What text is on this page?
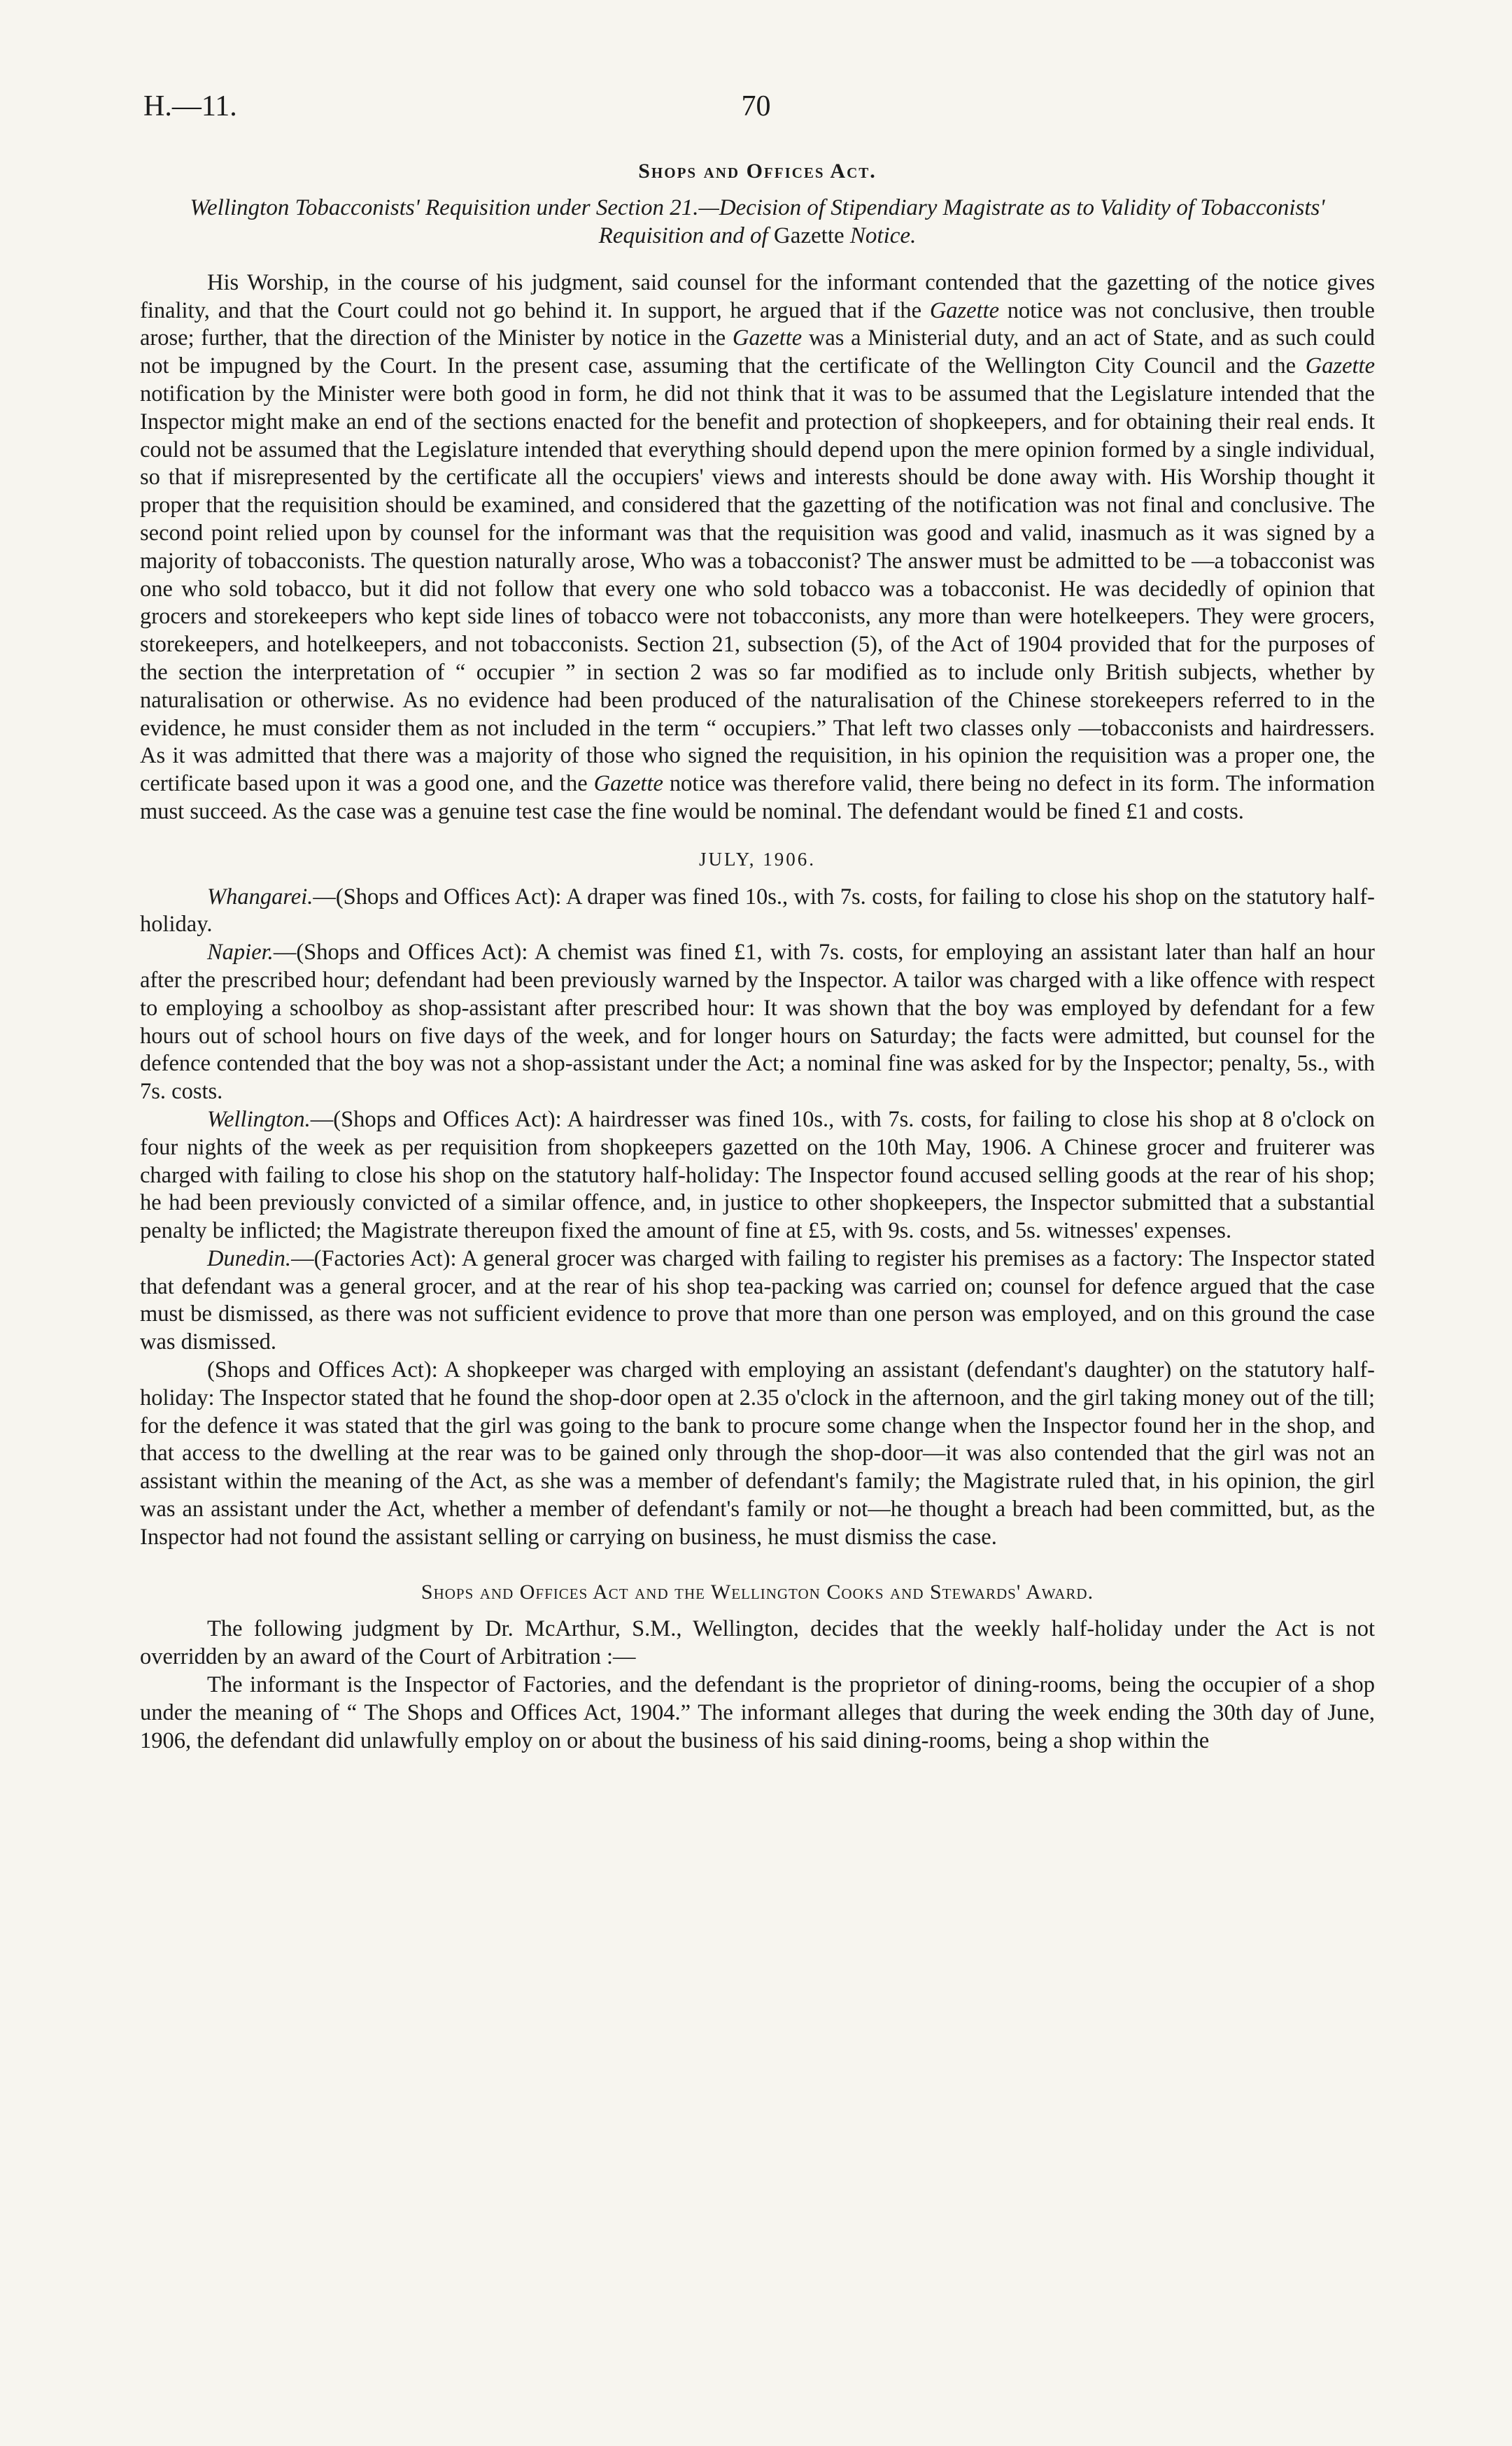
H.—11.	70

Shops and Offices Act.

Wellington Tobacconists' Requisition under Section 21.—Decision of Stipendiary Magistrate as to Validity of Tobacconists' Requisition and of Gazette Notice.

His Worship, in the course of his judgment, said counsel for the informant contended that the gazetting of the notice gives finality, and that the Court could not go behind it. In support, he argued that if the Gazette notice was not conclusive, then trouble arose; further, that the direction of the Minister by notice in the Gazette was a Ministerial duty, and an act of State, and as such could not be impugned by the Court. In the present case, assuming that the certificate of the Wellington City Council and the Gazette notification by the Minister were both good in form, he did not think that it was to be assumed that the Legislature intended that the Inspector might make an end of the sections enacted for the benefit and protection of shopkeepers, and for obtaining their real ends. It could not be assumed that the Legislature intended that everything should depend upon the mere opinion formed by a single individual, so that if misrepresented by the certificate all the occupiers' views and interests should be done away with. His Worship thought it proper that the requisition should be examined, and considered that the gazetting of the notification was not final and conclusive. The second point relied upon by counsel for the informant was that the requisition was good and valid, inasmuch as it was signed by a majority of tobacconists. The question naturally arose, Who was a tobacconist? The answer must be admitted to be —a tobacconist was one who sold tobacco, but it did not follow that every one who sold tobacco was a tobacconist. He was decidedly of opinion that grocers and storekeepers who kept side lines of tobacco were not tobacconists, any more than were hotelkeepers. They were grocers, storekeepers, and hotelkeepers, and not tobacconists. Section 21, subsection (5), of the Act of 1904 provided that for the purposes of the section the interpretation of “ occupier ” in section 2 was so far modified as to include only British subjects, whether by naturalisation or otherwise. As no evidence had been produced of the naturalisation of the Chinese storekeepers referred to in the evidence, he must consider them as not included in the term “ occupiers.” That left two classes only —tobacconists and hairdressers. As it was admitted that there was a majority of those who signed the requisition, in his opinion the requisition was a proper one, the certificate based upon it was a good one, and the Gazette notice was therefore valid, there being no defect in its form. The information must succeed. As the case was a genuine test case the fine would be nominal. The defendant would be fined £1 and costs.

JULY, 1906.

Whangarei.—(Shops and Offices Act): A draper was fined 10s., with 7s. costs, for failing to close his shop on the statutory half-holiday.

Napier.—(Shops and Offices Act): A chemist was fined £1, with 7s. costs, for employing an assistant later than half an hour after the prescribed hour; defendant had been previously warned by the Inspector. A tailor was charged with a like offence with respect to employing a schoolboy as shop-assistant after prescribed hour: It was shown that the boy was employed by defendant for a few hours out of school hours on five days of the week, and for longer hours on Saturday; the facts were admitted, but counsel for the defence contended that the boy was not a shop-assistant under the Act; a nominal fine was asked for by the Inspector; penalty, 5s., with 7s. costs.

Wellington.—(Shops and Offices Act): A hairdresser was fined 10s., with 7s. costs, for failing to close his shop at 8 o'clock on four nights of the week as per requisition from shopkeepers gazetted on the 10th May, 1906. A Chinese grocer and fruiterer was charged with failing to close his shop on the statutory half-holiday: The Inspector found accused selling goods at the rear of his shop; he had been previously convicted of a similar offence, and, in justice to other shopkeepers, the Inspector submitted that a substantial penalty be inflicted; the Magistrate thereupon fixed the amount of fine at £5, with 9s. costs, and 5s. witnesses' expenses.

Dunedin.—(Factories Act): A general grocer was charged with failing to register his premises as a factory: The Inspector stated that defendant was a general grocer, and at the rear of his shop tea-packing was carried on; counsel for defence argued that the case must be dismissed, as there was not sufficient evidence to prove that more than one person was employed, and on this ground the case was dismissed.

(Shops and Offices Act): A shopkeeper was charged with employing an assistant (defendant's daughter) on the statutory half-holiday: The Inspector stated that he found the shop-door open at 2.35 o'clock in the afternoon, and the girl taking money out of the till; for the defence it was stated that the girl was going to the bank to procure some change when the Inspector found her in the shop, and that access to the dwelling at the rear was to be gained only through the shop-door—it was also contended that the girl was not an assistant within the meaning of the Act, as she was a member of defendant's family; the Magistrate ruled that, in his opinion, the girl was an assistant under the Act, whether a member of defendant's family or not—he thought a breach had been committed, but, as the Inspector had not found the assistant selling or carrying on business, he must dismiss the case.

Shops and Offices Act and the Wellington Cooks and Stewards' Award.

The following judgment by Dr. McArthur, S.M., Wellington, decides that the weekly half-holiday under the Act is not overridden by an award of the Court of Arbitration :—

The informant is the Inspector of Factories, and the defendant is the proprietor of dining-rooms, being the occupier of a shop under the meaning of “ The Shops and Offices Act, 1904.” The informant alleges that during the week ending the 30th day of June, 1906, the defendant did unlawfully employ on or about the business of his said dining-rooms, being a shop within the
